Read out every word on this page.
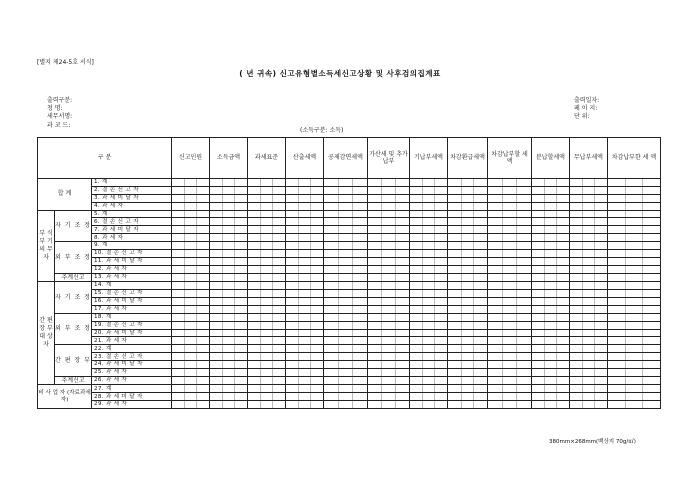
[별지 제24-5호 서식]
( 년 귀속) 신고유형별소득세신고상황 및 사후검의집계표
출력구분:
청 명:
세무서명:
과 코 드:
출력일자:
페 이 지:
단 위:
(소득구분: 소득)
구 분			신고인원	소득금액	과세표준	산출세액	공제감면세액	가산세 및 추가납부	기납부세액	차감환급세액	차감납부할 세 액	분납할세액	무납부세액	차감납부한 세 액
합 계		1. 계												
		2. 결 손 신 고 자												
		3. 과 세 미 달 자												
		4. 과 세 자												
부 식 부 기 의 무 자	자 기 조 정	5. 계												
		6. 결 손 신 고 자												
		7. 과 세 미 달 자												
		8. 과 세 자												
	외 부 조 정	9. 계												
		10. 결 손 신 고 자												
		11. 과 세 미 달 자												
		12. 과 세 자												
	추계신고	13. 과 세 자												
간 편 장 부 대 상 자	자 기 조 정	14. 계												
		15. 결 손 신 고 자												
		16. 과 세 미 달 자												
		17. 과 세 자												
	외 부 조 정	18. 계												
		19. 결 손 신 고 자												
		20. 과 세 미 달 자												
		21. 과 세 자												
	간 편 장 부	22. 계												
		23. 결 손 신 고 자												
		24. 과 세 미 달 자												
		25. 과 세 자												
	추계신고	26. 과 세 자												
비 사 업 자 (자료과세자)		27. 계												
		28. 과 세 미 달 자												
		29. 과 세 자												
380mm×268mm(백상지 70g/㎡)
